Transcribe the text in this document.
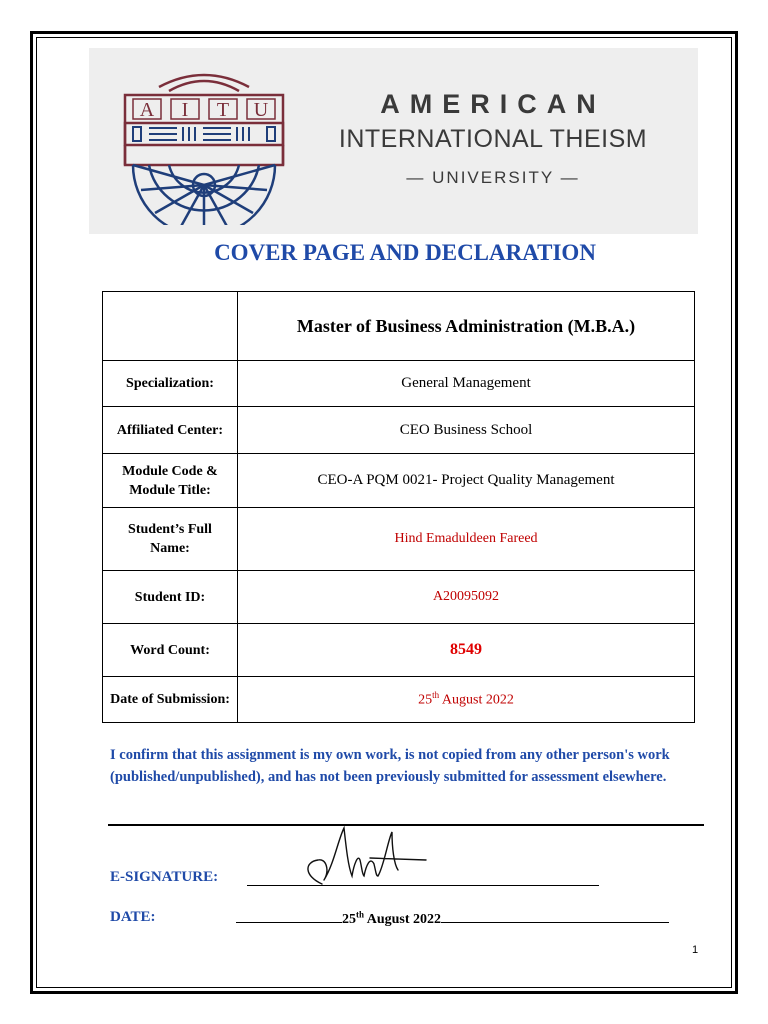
A I T U	AMERICAN
INTERNATIONAL THEISM
— UNIVERSITY —
COVER PAGE AND DECLARATION
	Master of Business Administration (M.B.A.)
Specialization:	General Management
Affiliated Center:	CEO Business School
Module Code & Module Title:	CEO-A PQM 0021- Project Quality Management
Student’s Full Name:	Hind Emaduldeen Fareed
Student ID:	A20095092
Word Count:	8549
Date of Submission:	25th August 2022
I confirm that this assignment is my own work, is not copied from any other person's work (published/unpublished), and has not been previously submitted for assessment elsewhere.
E-SIGNATURE:
DATE:	25th August 2022
1
